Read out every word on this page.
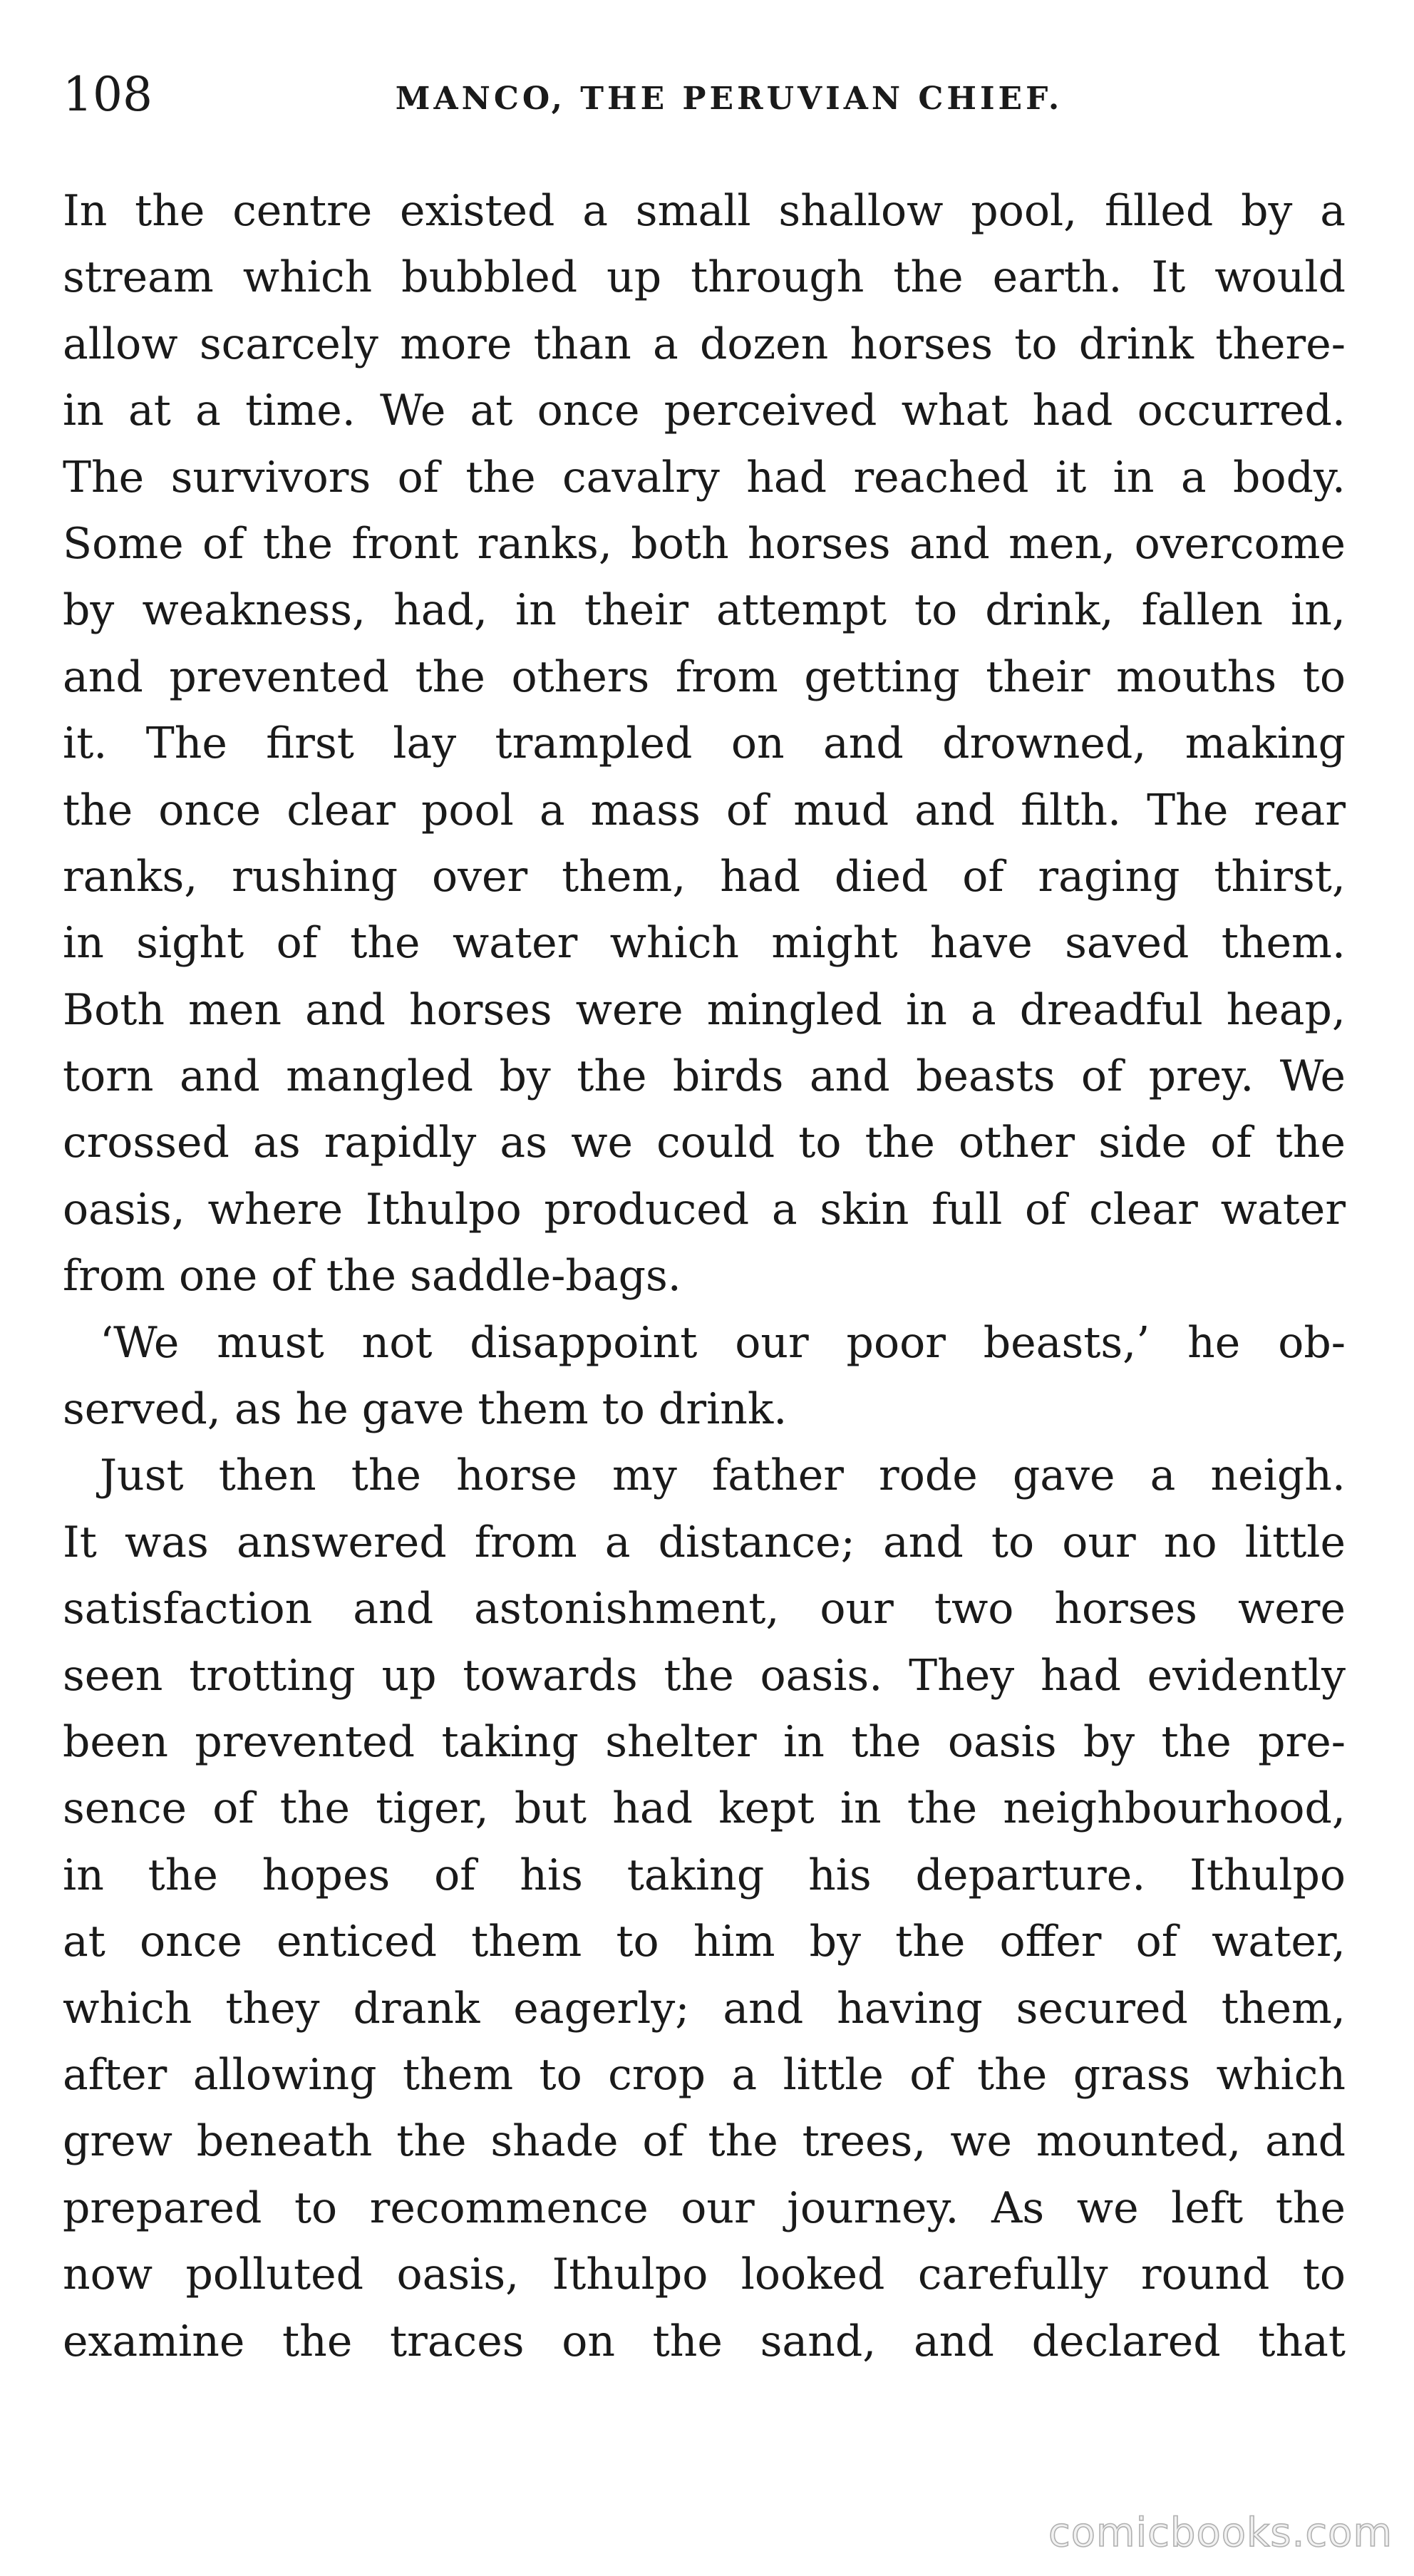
108	MANCO, THE PERUVIAN CHIEF.
In the centre existed a small shallow pool, filled by a
stream which bubbled up through the earth. It would
allow scarcely more than a dozen horses to drink there-
in at a time. We at once perceived what had occurred.
The survivors of the cavalry had reached it in a body.
Some of the front ranks, both horses and men, overcome
by weakness, had, in their attempt to drink, fallen in,
and prevented the others from getting their mouths to
it. The first lay trampled on and drowned, making
the once clear pool a mass of mud and filth. The rear
ranks, rushing over them, had died of raging thirst,
in sight of the water which might have saved them.
Both men and horses were mingled in a dreadful heap,
torn and mangled by the birds and beasts of prey. We
crossed as rapidly as we could to the other side of the
oasis, where Ithulpo produced a skin full of clear water
from one of the saddle-bags.
‘We must not disappoint our poor beasts,’ he ob-
served, as he gave them to drink.
Just then the horse my father rode gave a neigh.
It was answered from a distance; and to our no little
satisfaction and astonishment, our two horses were
seen trotting up towards the oasis. They had evidently
been prevented taking shelter in the oasis by the pre-
sence of the tiger, but had kept in the neighbourhood,
in the hopes of his taking his departure. Ithulpo
at once enticed them to him by the offer of water,
which they drank eagerly; and having secured them,
after allowing them to crop a little of the grass which
grew beneath the shade of the trees, we mounted, and
prepared to recommence our journey. As we left the
now polluted oasis, Ithulpo looked carefully round to
examine the traces on the sand, and declared that
comicbooks.com
